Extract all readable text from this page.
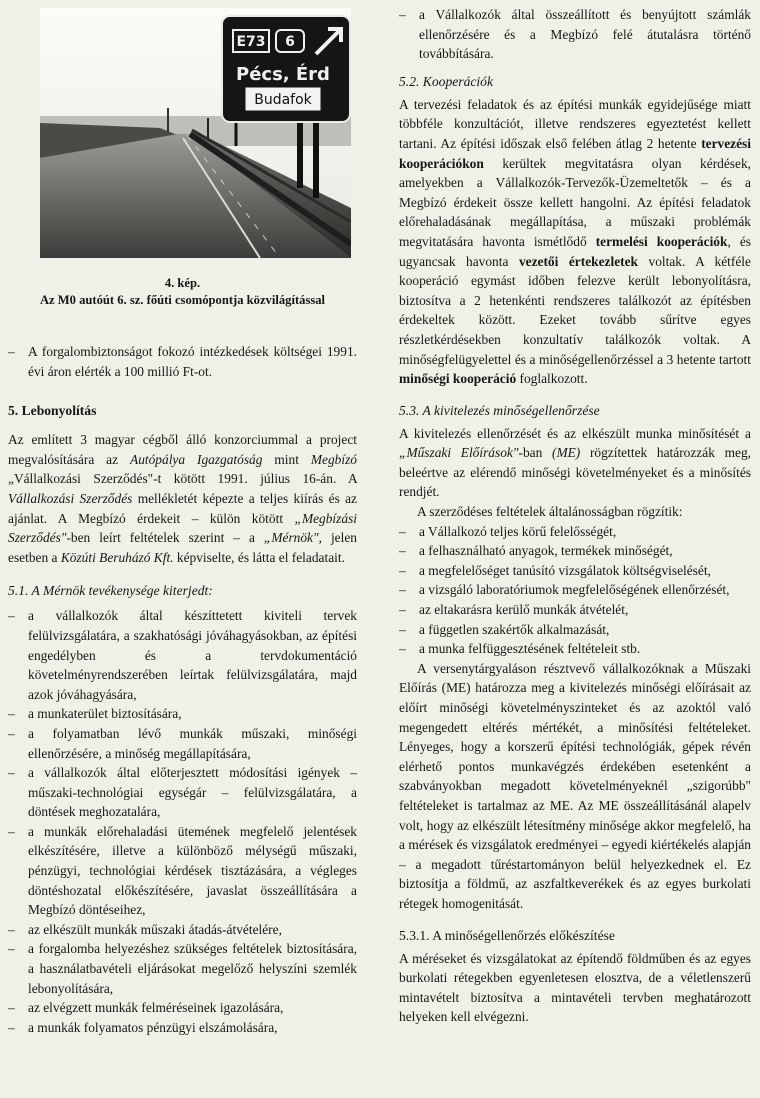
E73 6
Pécs, Érd
Budafok
4. kép.
Az M0 autóút 6. sz. főúti csomópontja közvilágítással
– A forgalombiztonságot fokozó intézkedések költségei 1991. évi áron elérték a 100 millió Ft-ot.
5. Lebonyolítás

Az említett 3 magyar cégből álló konzorciummal a project megvalósítására az Autópálya Igazgatóság mint Megbízó „Vállalkozási Szerződés"-t kötött 1991. július 16-án. A Vállalkozási Szerződés mellékletét képezte a teljes kiírás és az ajánlat. A Megbízó érdekeit – külön kötött „Megbízási Szerződés"-ben leírt feltételek szerint – a „Mérnök", jelen esetben a Közúti Beruházó Kft. képviselte, és látta el feladatait.

5.1. A Mérnök tevékenysége kiterjedt:
– a vállalkozók által készíttetett kiviteli tervek felülvizsgálatára, a szakhatósági jóváhagyásokban, az építési engedélyben és a tervdokumentáció követelményrendszerében leírtak felülvizsgálatára, majd azok jóváhagyására,
– a munkaterület biztosítására,
– a folyamatban lévő munkák műszaki, minőségi ellenőrzésére, a minőség megállapítására,
– a vállalkozók által előterjesztett módosítási igények – műszaki-technológiai egységár – felülvizsgálatára, a döntések meghozatalára,
– a munkák előrehaladási ütemének megfelelő jelentések elkészítésére, illetve a különböző mélységű műszaki, pénzügyi, technológiai kérdések tisztázására, a végleges döntéshozatal előkészítésére, javaslat összeállítására a Megbízó döntéseihez,
– az elkészült munkák műszaki átadás-átvételére,
– a forgalomba helyezéshez szükséges feltételek biztosítására, a használatbavételi eljárásokat megelőző helyszíni szemlék lebonyolítására,
– az elvégzett munkák felméréseinek igazolására,
– a munkák folyamatos pénzügyi elszámolására,
– a Vállalkozók által összeállított és benyújtott számlák ellenőrzésére és a Megbízó felé átutalásra történő továbbítására.
5.2. Kooperációk

A tervezési feladatok és az építési munkák egyidejűsége miatt többféle konzultációt, illetve rendszeres egyeztetést kellett tartani. Az építési időszak első felében átlag 2 hetente tervezési kooperációkon kerültek megvitatásra olyan kérdések, amelyekben a Vállalkozók-Tervezők-Üzemeltetők – és a Megbízó érdekeit össze kellett hangolni. Az építési feladatok előrehaladásának megállapítása, a műszaki problémák megvitatására havonta ismétlődő termelési kooperációk, és ugyancsak havonta vezetői értekezletek voltak. A kétféle kooperáció egymást időben felezve került lebonyolításra, biztosítva a 2 hetenkénti rendszeres találkozót az építésben érdekeltek között. Ezeket tovább sűrítve egyes részletkérdésekben konzultatív találkozók voltak. A minőségfelügyelettel és a minőségellenőrzéssel a 3 hetente tartott minőségi kooperáció foglalkozott.

5.3. A kivitelezés minőségellenőrzése

A kivitelezés ellenőrzését és az elkészült munka minősítését a „Műszaki Előírások"-ban (ME) rögzítettek határozzák meg, beleértve az elérendő minőségi követelményeket és a minősítés rendjét.

A szerződéses feltételek általánosságban rögzítik:

– a Vállalkozó teljes körű felelősségét,
– a felhasználható anyagok, termékek minőségét,
– a megfelelőséget tanúsító vizsgálatok költségviselését,
– a vizsgáló laboratóriumok megfelelőségének ellenőrzését,
– az eltakarásra kerülő munkák átvételét,
– a független szakértők alkalmazását,
– a munka felfüggesztésének feltételeit stb.

A versenytárgyaláson résztvevő vállalkozóknak a Műszaki Előírás (ME) határozza meg a kivitelezés minőségi előírásait az előírt minőségi követelményszinteket és az azoktól való megengedett eltérés mértékét, a minősítési feltételeket. Lényeges, hogy a korszerű építési technológiák, gépek révén elérhető pontos munkavégzés érdekében esetenként a szabványokban megadott követelményeknél „szigorúbb" feltételeket is tartalmaz az ME. Az ME összeállításánál alapelv volt, hogy az elkészült létesítmény minősége akkor megfelelő, ha a mérések és vizsgálatok eredményei – egyedi kiértékelés alapján – a megadott tűréstartományon belül helyezkednek el. Ez biztosítja a földmű, az aszfaltkeverékek és az egyes burkolati rétegek homogenitását.

5.3.1. A minőségellenőrzés előkészítése

A méréseket és vizsgálatokat az építendő földműben és az egyes burkolati rétegekben egyenletesen elosztva, de a véletlenszerű mintavételt biztosítva a mintavételi tervben meghatározott helyeken kell elvégezni.
